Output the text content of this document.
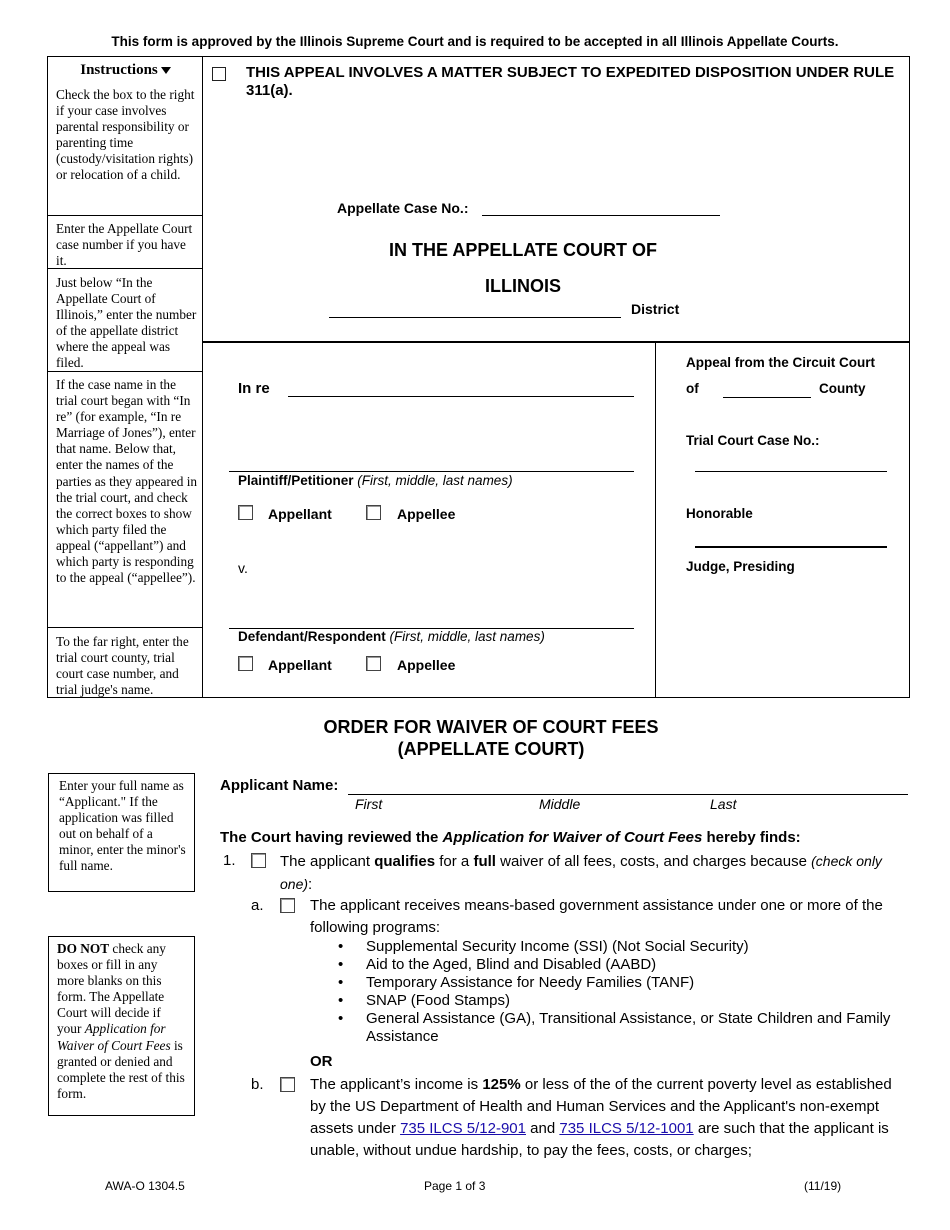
This form is approved by the Illinois Supreme Court and is required to be accepted in all Illinois Appellate Courts.
Instructions
Check the box to the right if your case involves parental responsibility or parenting time (custody/visitation rights) or relocation of a child.
Enter the Appellate Court case number if you have it.
Just below “In the Appellate Court of Illinois,” enter the number of the appellate district where the appeal was filed.
If the case name in the trial court began with “In re” (for example, “In re Marriage of Jones”), enter that name. Below that, enter the names of the parties as they appeared in the trial court, and check the correct boxes to show which party filed the appeal (“appellant”) and which party is responding to the appeal (“appellee”).
To the far right, enter the trial court county, trial court case number, and trial judge's name.
THIS APPEAL INVOLVES A MATTER SUBJECT TO EXPEDITED DISPOSITION UNDER RULE 311(a).
Appellate Case No.:
IN THE APPELLATE COURT OF
ILLINOIS
District
In re
Plaintiff/Petitioner (First, middle, last names)
Appellant	Appellee
v.
Defendant/Respondent (First, middle, last names)
Appellant	Appellee
Appeal from the Circuit Court
of	County
Trial Court Case No.:
Honorable
Judge, Presiding
ORDER FOR WAIVER OF COURT FEES
(APPELLATE COURT)
Enter your full name as “Applicant." If the application was filled out on behalf of a minor, enter the minor's full name.
DO NOT check any boxes or fill in any more blanks on this form. The Appellate Court will decide if your Application for Waiver of Court Fees is granted or denied and complete the rest of this form.
Applicant Name:
First	Middle	Last
The Court having reviewed the Application for Waiver of Court Fees hereby finds:
1.	The applicant qualifies for a full waiver of all fees, costs, and charges because (check only one):
a.	The applicant receives means-based government assistance under one or more of the following programs:
• Supplemental Security Income (SSI) (Not Social Security)
• Aid to the Aged, Blind and Disabled (AABD)
• Temporary Assistance for Needy Families (TANF)
• SNAP (Food Stamps)
• General Assistance (GA), Transitional Assistance, or State Children and Family Assistance
OR
b.	The applicant’s income is 125% or less of the of the current poverty level as established by the US Department of Health and Human Services and the Applicant's non-exempt assets under 735 ILCS 5/12-901 and 735 ILCS 5/12-1001 are such that the applicant is unable, without undue hardship, to pay the fees, costs, or charges;
AWA-O 1304.5	Page 1 of 3	(11/19)
